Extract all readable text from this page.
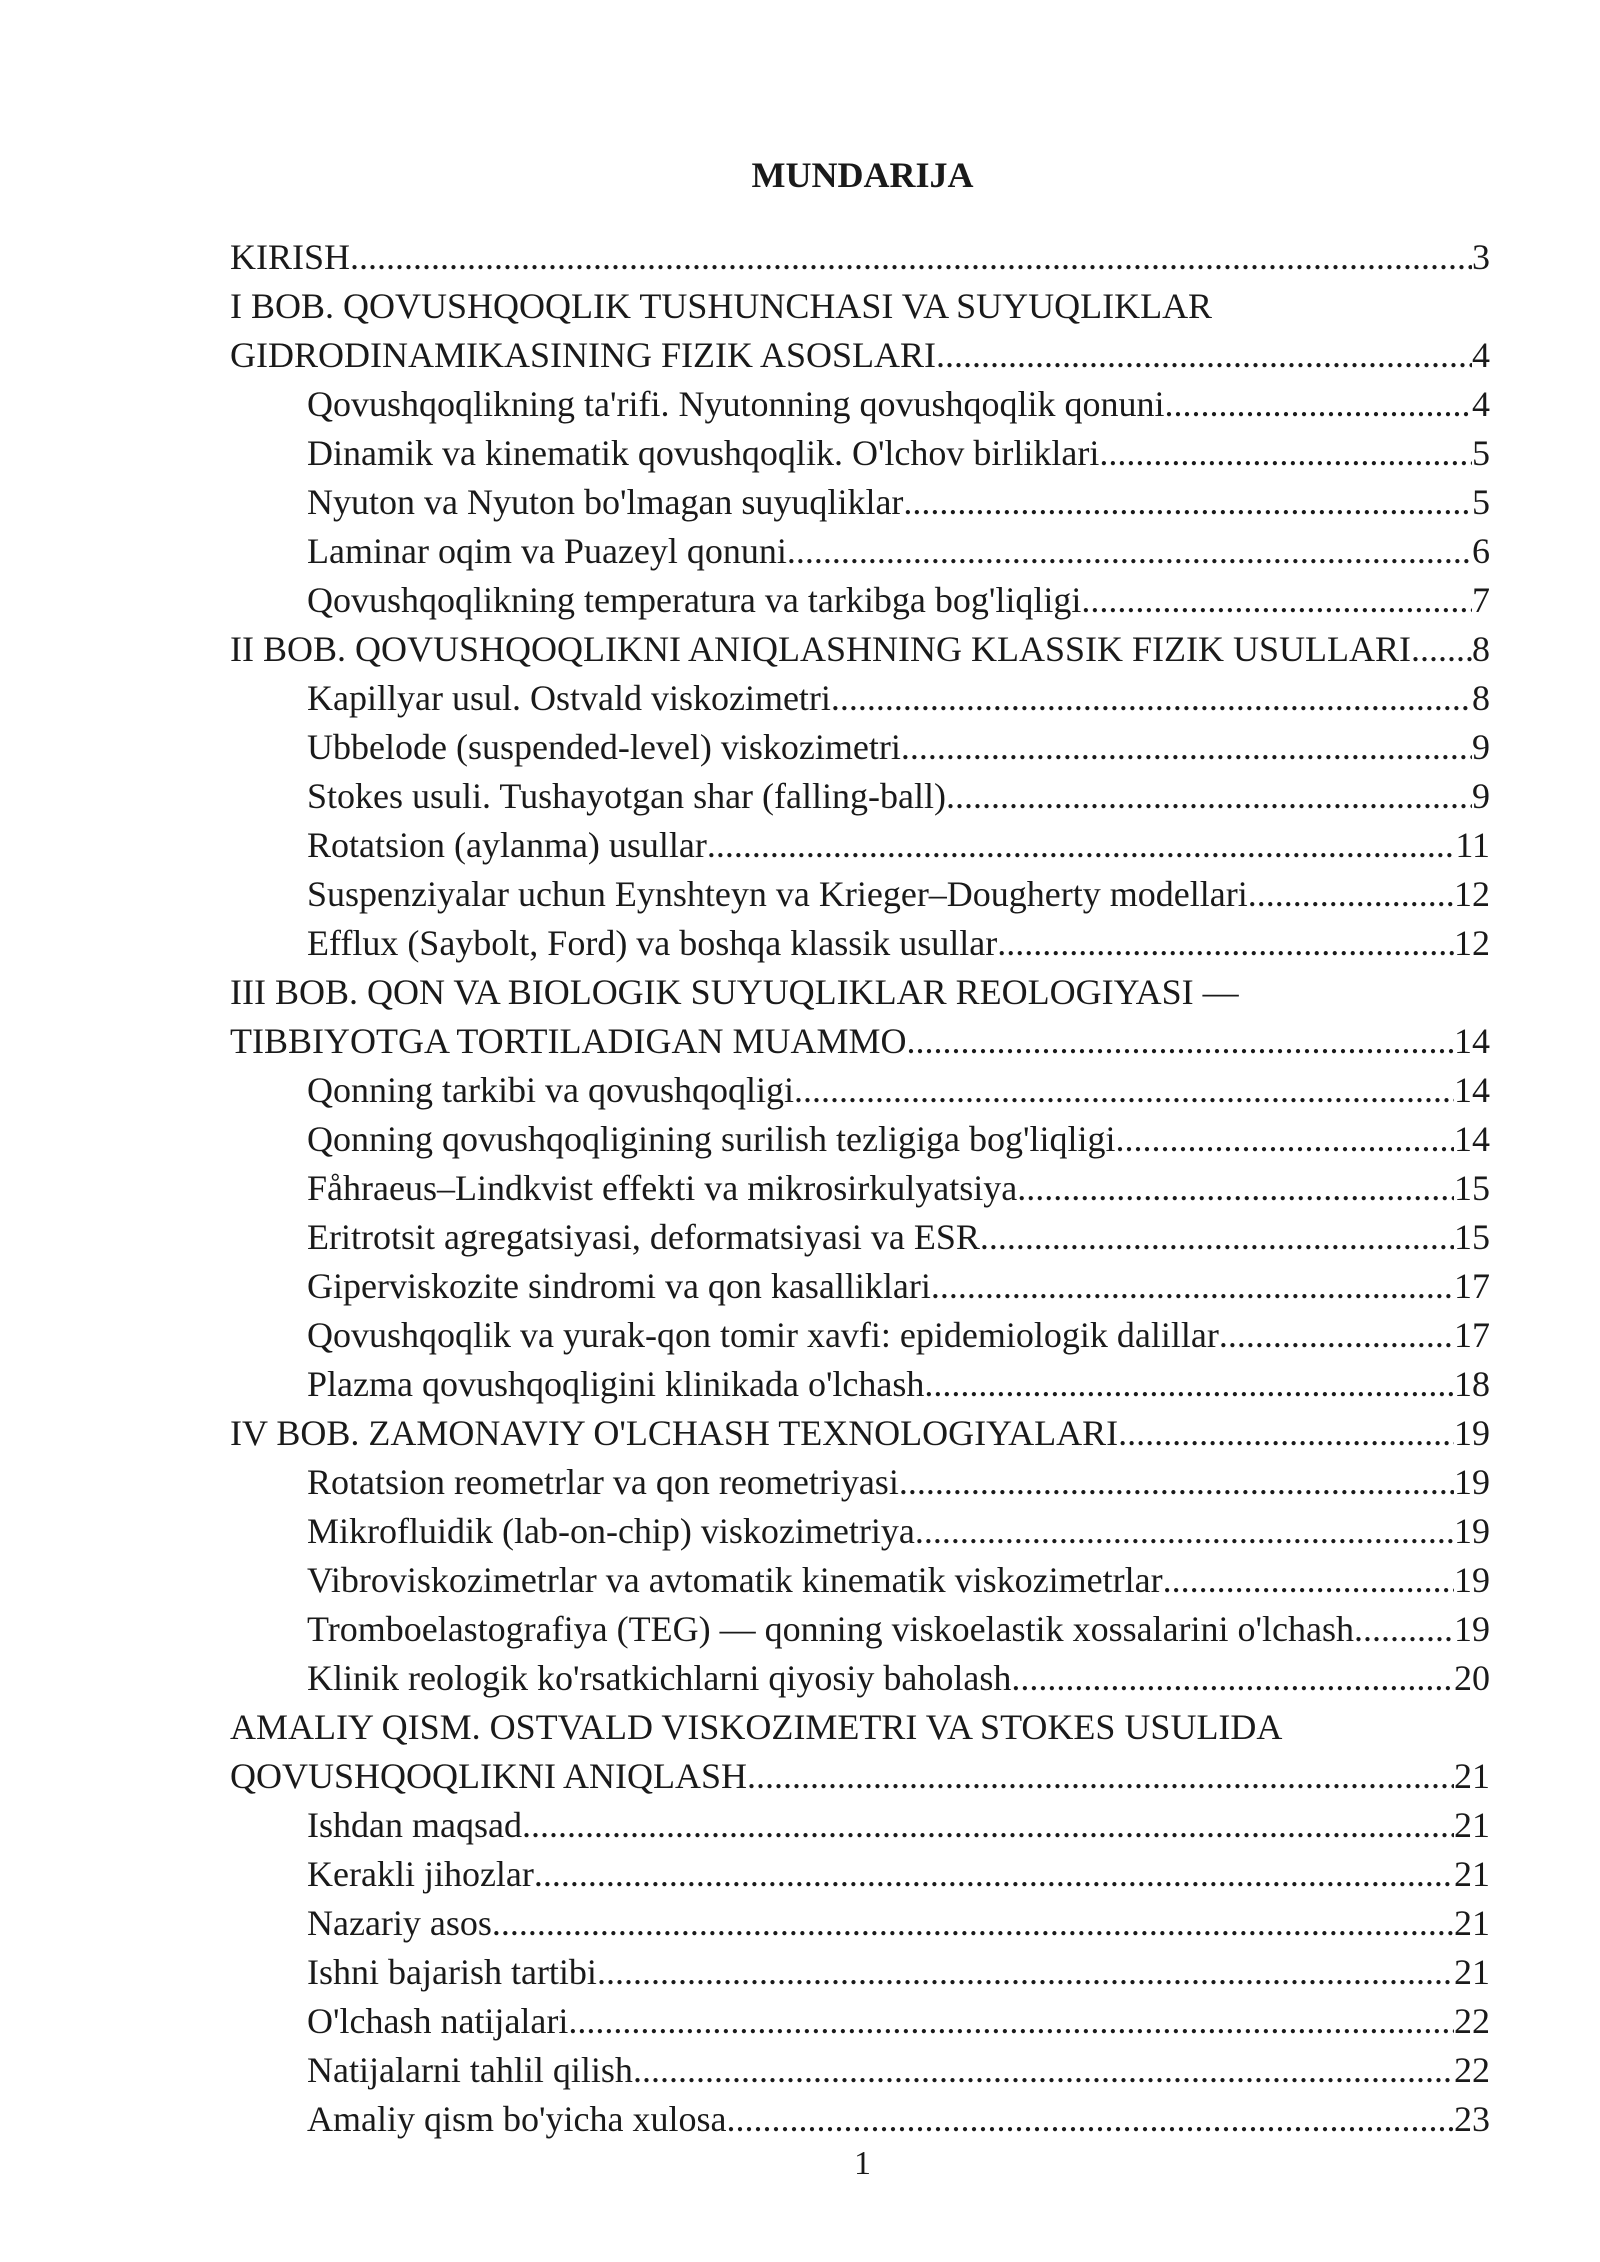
MUNDARIJA
KIRISH .....	3
I BOB. QOVUSHQOQLIK TUSHUNCHASI VA SUYUQLIKLAR
GIDRODINAMIKASINING FIZIK ASOSLARI .....	4
Qovushqoqlikning ta'rifi. Nyutonning qovushqoqlik qonuni .....	4
Dinamik va kinematik qovushqoqlik. O'lchov birliklari .....	5
Nyuton va Nyuton bo'lmagan suyuqliklar .....	5
Laminar oqim va Puazeyl qonuni .....	6
Qovushqoqlikning temperatura va tarkibga bog'liqligi .....	7
II BOB. QOVUSHQOQLIKNI ANIQLASHNING KLASSIK FIZIK USULLARI ..... 8
Kapillyar usul. Ostvald viskozimetri .....	8
Ubbelode (suspended-level) viskozimetri .....	9
Stokes usuli. Tushayotgan shar (falling-ball) .....	9
Rotatsion (aylanma) usullar .....	11
Suspenziyalar uchun Eynshteyn va Krieger–Dougherty modellari .....	12
Efflux (Saybolt, Ford) va boshqa klassik usullar .....	12
III BOB. QON VA BIOLOGIK SUYUQLIKLAR REOLOGIYASI —
TIBBIYOTGA TORTILADIGAN MUAMMO .....	14
Qonning tarkibi va qovushqoqligi .....	14
Qonning qovushqoqligining surilish tezligiga bog'liqligi .....	14
Fåhraeus–Lindkvist effekti va mikrosirkulyatsiya .....	15
Eritrotsit agregatsiyasi, deformatsiyasi va ESR .....	15
Giperviskozite sindromi va qon kasalliklari .....	17
Qovushqoqlik va yurak-qon tomir xavfi: epidemiologik dalillar .....	17
Plazma qovushqoqligini klinikada o'lchash .....	18
IV BOB. ZAMONAVIY O'LCHASH TEXNOLOGIYALARI .....	19
Rotatsion reometrlar va qon reometriyasi .....	19
Mikrofluidik (lab-on-chip) viskozimetriya .....	19
Vibroviskozimetrlar va avtomatik kinematik viskozimetrlar .....	19
Tromboelastografiya (TEG) — qonning viskoelastik xossalarini o'lchash .....	19
Klinik reologik ko'rsatkichlarni qiyosiy baholash .....	20
AMALIY QISM. OSTVALD VISKOZIMETRI VA STOKES USULIDA
QOVUSHQOQLIKNI ANIQLASH .....	21
Ishdan maqsad .....	21
Kerakli jihozlar .....	21
Nazariy asos .....	21
Ishni bajarish tartibi .....	21
O'lchash natijalari .....	22
Natijalarni tahlil qilish .....	22
Amaliy qism bo'yicha xulosa .....	23
1
